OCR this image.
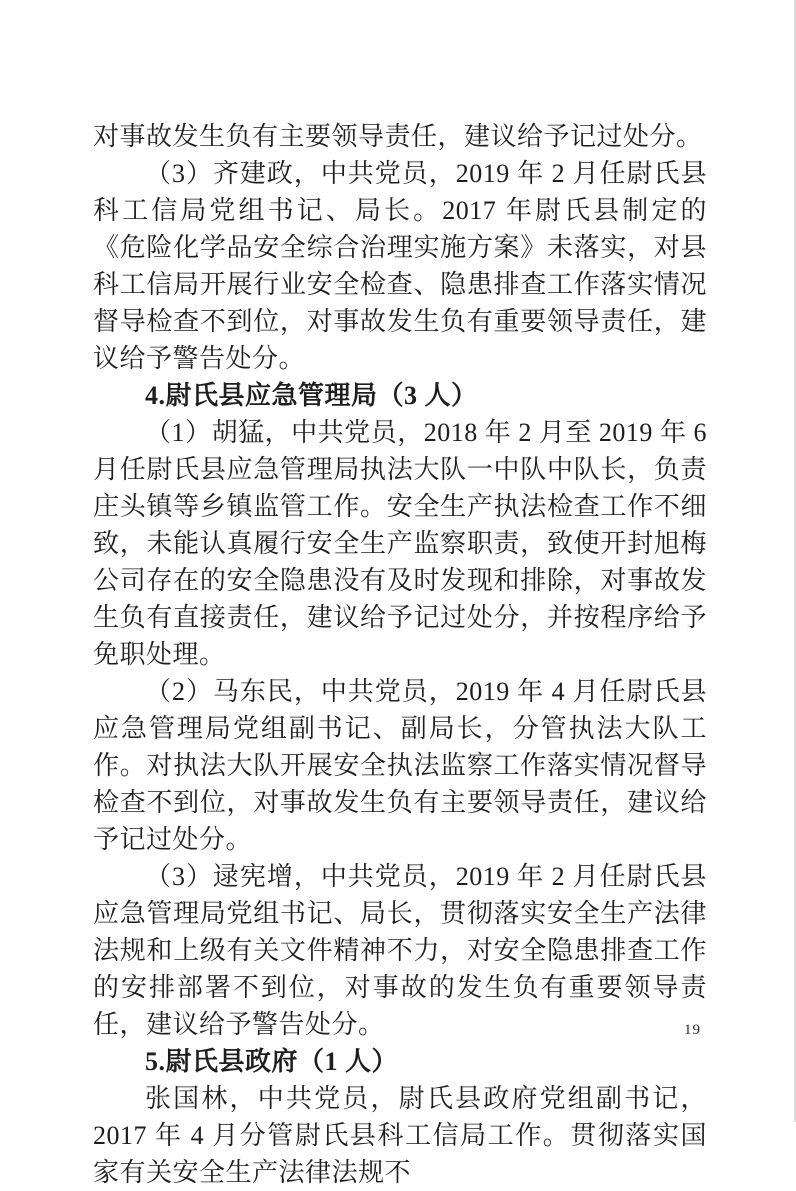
对事故发生负有主要领导责任，建议给予记过处分。

（3）齐建政，中共党员，2019 年 2 月任尉氏县科工信局党组书记、局长。2017 年尉氏县制定的《危险化学品安全综合治理实施方案》未落实，对县科工信局开展行业安全检查、隐患排查工作落实情况督导检查不到位，对事故发生负有重要领导责任，建议给予警告处分。

4.尉氏县应急管理局（3 人）

（1）胡猛，中共党员，2018 年 2 月至 2019 年 6 月任尉氏县应急管理局执法大队一中队中队长，负责庄头镇等乡镇监管工作。安全生产执法检查工作不细致，未能认真履行安全生产监察职责，致使开封旭梅公司存在的安全隐患没有及时发现和排除，对事故发生负有直接责任，建议给予记过处分，并按程序给予免职处理。

（2）马东民，中共党员，2019 年 4 月任尉氏县应急管理局党组副书记、副局长，分管执法大队工作。对执法大队开展安全执法监察工作落实情况督导检查不到位，对事故发生负有主要领导责任，建议给予记过处分。

（3）逯宪增，中共党员，2019 年 2 月任尉氏县应急管理局党组书记、局长，贯彻落实安全生产法律法规和上级有关文件精神不力，对安全隐患排查工作的安排部署不到位，对事故的发生负有重要领导责任，建议给予警告处分。

5.尉氏县政府（1 人）

张国林，中共党员，尉氏县政府党组副书记，2017 年 4 月分管尉氏县科工信局工作。贯彻落实国家有关安全生产法律法规不

19
